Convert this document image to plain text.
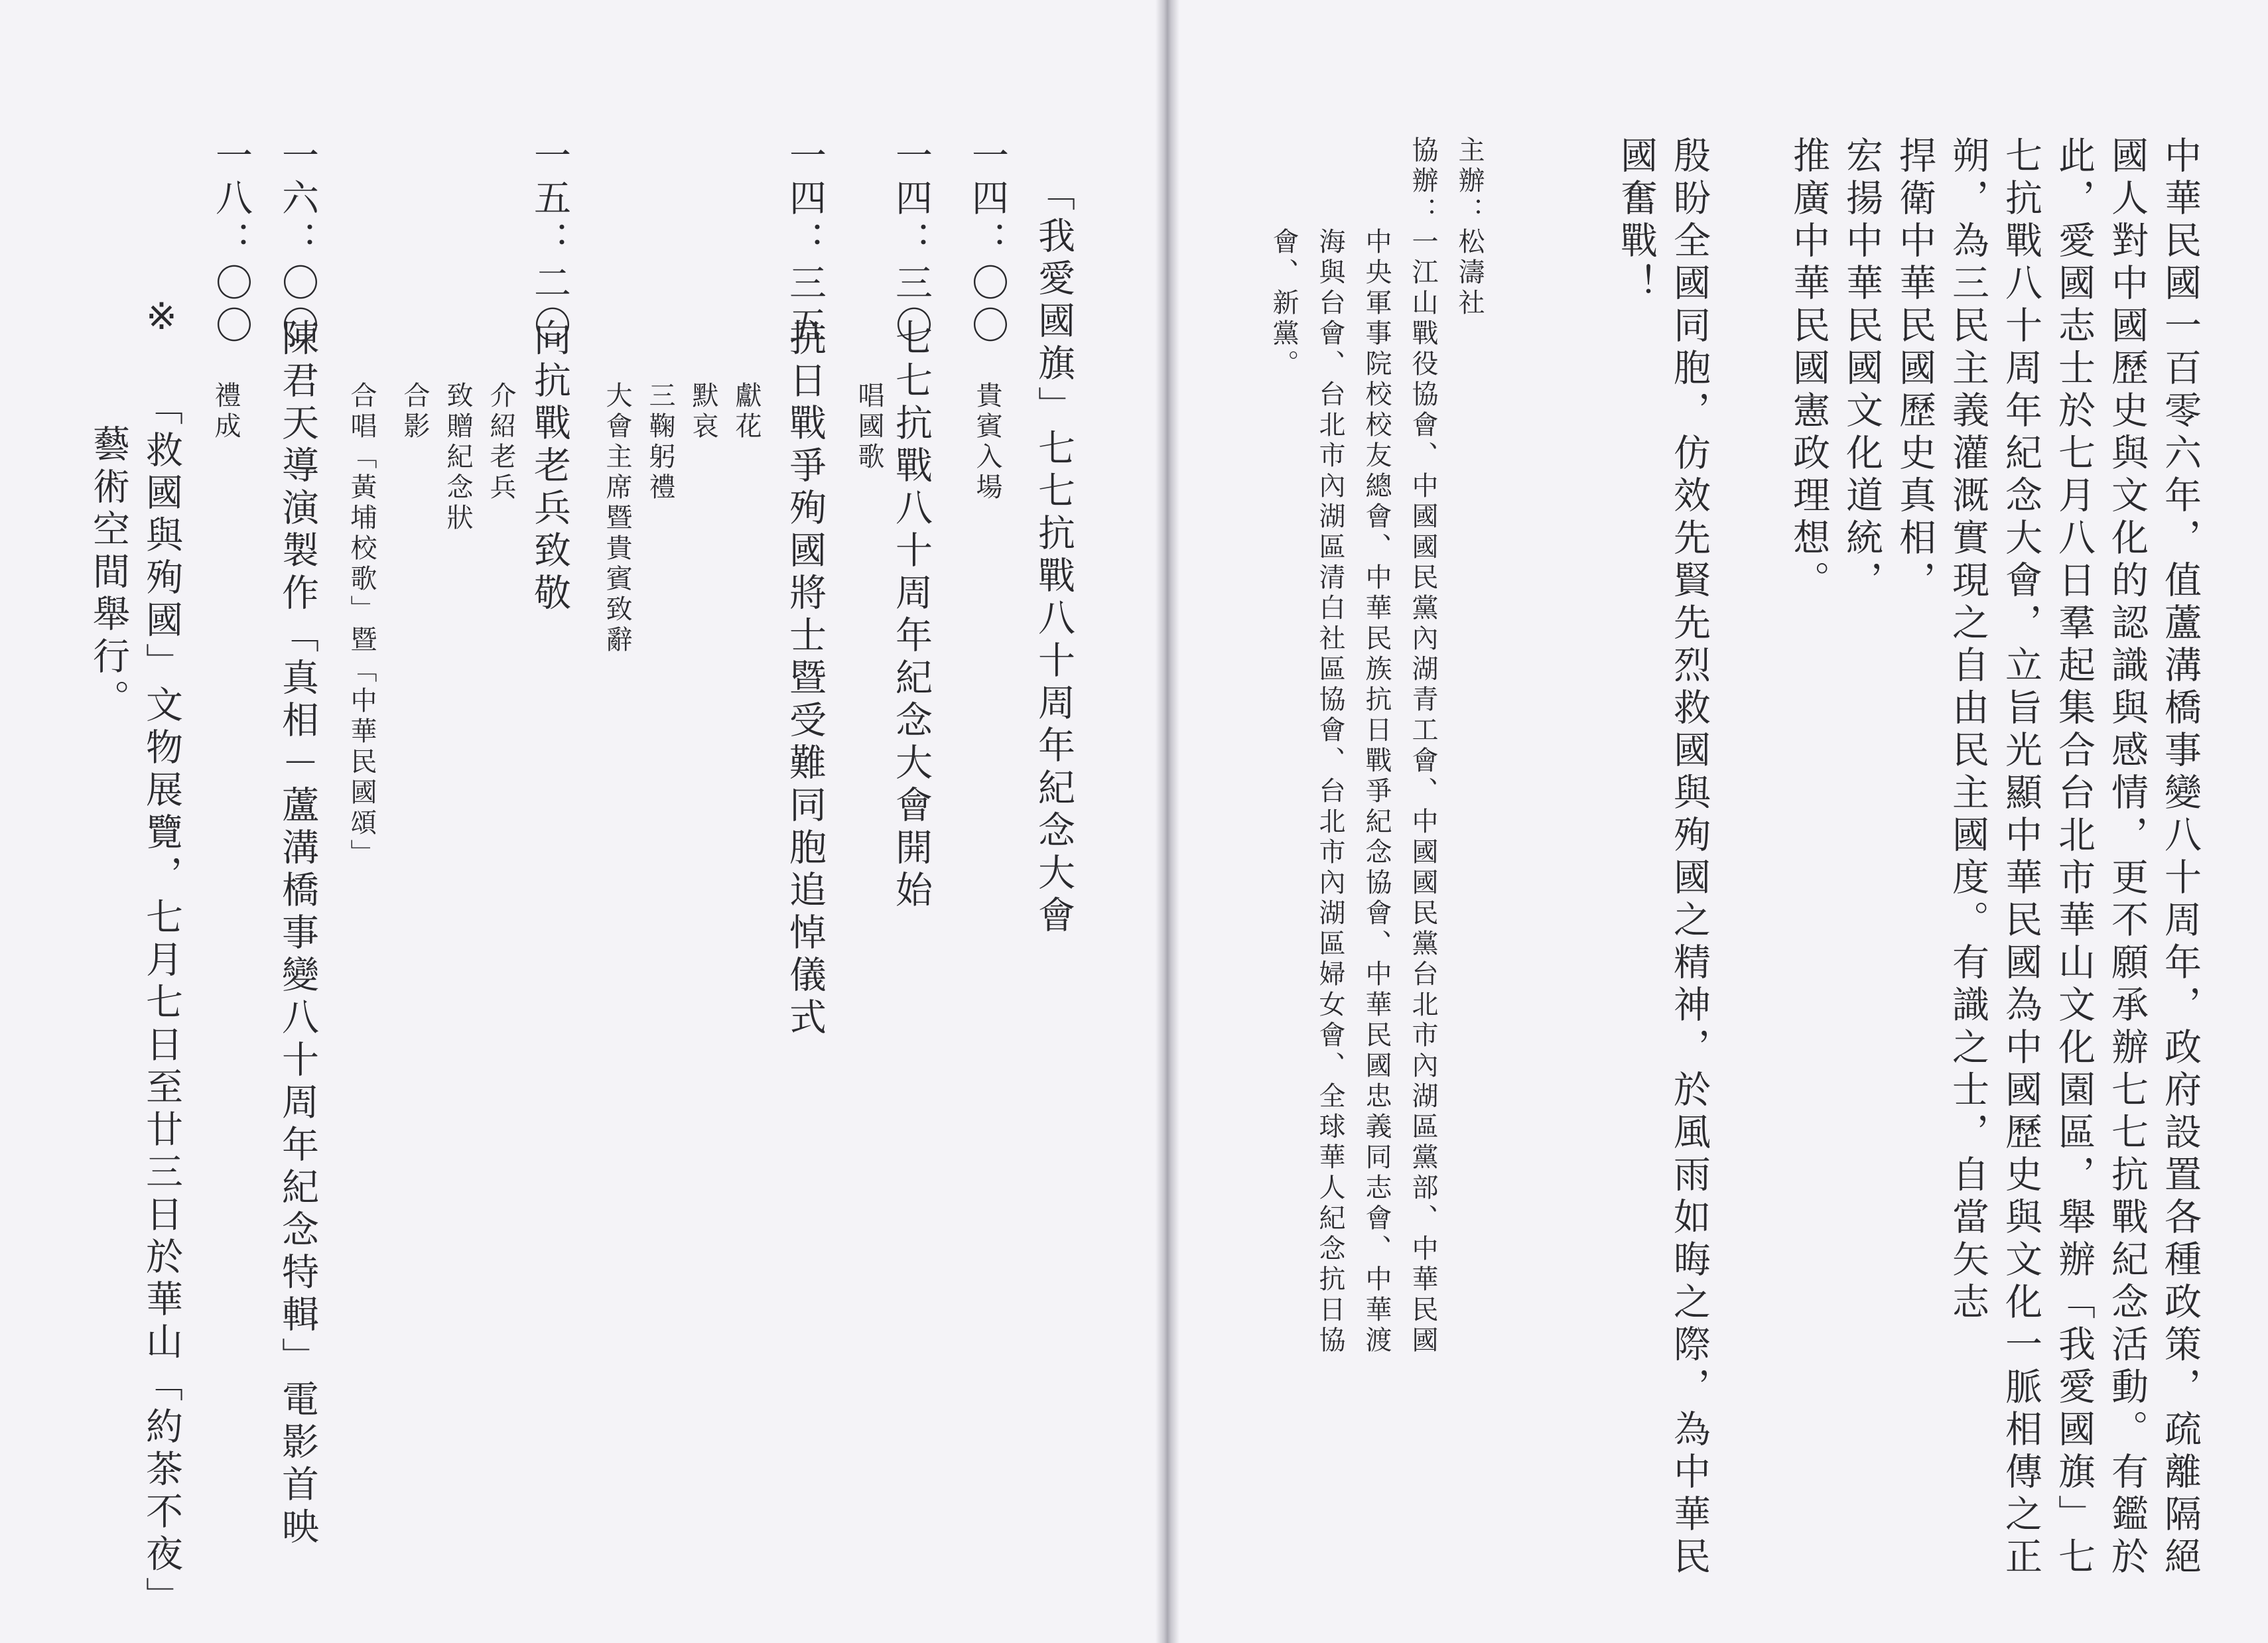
中華民國一百零六年，值蘆溝橋事變八十周年，政府設置各種政策，疏離隔絕
國人對中國歷史與文化的認識與感情，更不願承辦七七抗戰紀念活動。有鑑於
此，愛國志士於七月八日羣起集合台北市華山文化園區，舉辦「我愛國旗」七
七抗戰八十周年紀念大會，立旨光顯中華民國為中國歷史與文化一脈相傳之正
朔，為三民主義灌溉實現之自由民主國度。有識之士，自當矢志
捍衛中華民國歷史真相，
宏揚中華民國文化道統，
推廣中華民國憲政理想。
殷盼全國同胞，仿效先賢先烈救國與殉國之精神，於風雨如晦之際，為中華民
國奮戰！
主辦：松濤社
協辦：一江山戰役協會、中國國民黨內湖青工會、中國國民黨台北市內湖區黨部、中華民國
　　　中央軍事院校校友總會、中華民族抗日戰爭紀念協會、中華民國忠義同志會、中華渡
　　　海與台會、台北市內湖區清白社區協會、台北市內湖區婦女會、全球華人紀念抗日協
　　　會、新黨。
「我愛國旗」七七抗戰八十周年紀念大會
一四：〇〇
貴賓入場
一四：三〇
七七抗戰八十周年紀念大會開始
唱國歌
一四：三五
抗日戰爭殉國將士暨受難同胞追悼儀式
獻花
默哀
三鞠躬禮
大會主席暨貴賓致辭
一五：二〇
向抗戰老兵致敬
介紹老兵
致贈紀念狀
合影
合唱「黃埔校歌」暨「中華民國頌」
一六：〇〇
陳君天導演製作「真相－蘆溝橋事變八十周年紀念特輯」電影首映
禮成
一八：〇〇
※
「救國與殉國」文物展覽，七月七日至廿三日於華山「約茶不夜」
藝術空間舉行。
